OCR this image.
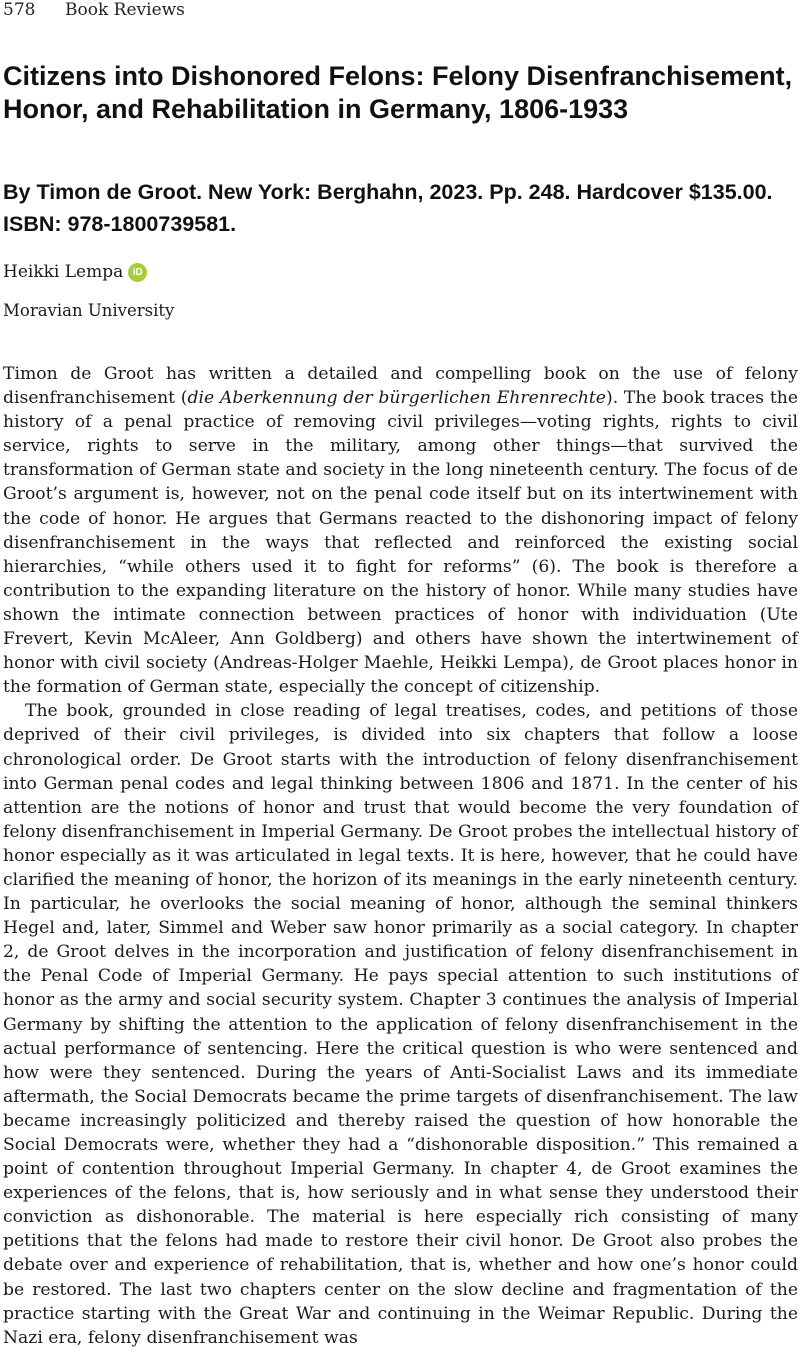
578 Book Reviews
Citizens into Dishonored Felons: Felony Disenfranchisement, Honor, and Rehabilitation in Germany, 1806-1933
By Timon de Groot. New York: Berghahn, 2023. Pp. 248. Hardcover $135.00. ISBN: 978-1800739581.
Heikki Lempa iD
Moravian University

Timon de Groot has written a detailed and compelling book on the use of felony disenfranchisement (die Aberkennung der bürgerlichen Ehrenrechte). The book traces the history of a penal practice of removing civil privileges—voting rights, rights to civil service, rights to serve in the military, among other things—that survived the transformation of German state and society in the long nineteenth century. The focus of de Groot’s argument is, however, not on the penal code itself but on its intertwinement with the code of honor. He argues that Germans reacted to the dishonoring impact of felony disenfranchisement in the ways that reflected and reinforced the existing social hierarchies, “while others used it to fight for reforms” (6). The book is therefore a contribution to the expanding literature on the history of honor. While many studies have shown the intimate connection between practices of honor with individuation (Ute Frevert, Kevin McAleer, Ann Goldberg) and others have shown the intertwinement of honor with civil society (Andreas-Holger Maehle, Heikki Lempa), de Groot places honor in the formation of German state, especially the concept of citizenship.

The book, grounded in close reading of legal treatises, codes, and petitions of those deprived of their civil privileges, is divided into six chapters that follow a loose chronological order. De Groot starts with the introduction of felony disenfranchisement into German penal codes and legal thinking between 1806 and 1871. In the center of his attention are the notions of honor and trust that would become the very foundation of felony disenfranchisement in Imperial Germany. De Groot probes the intellectual history of honor especially as it was articulated in legal texts. It is here, however, that he could have clarified the meaning of honor, the horizon of its meanings in the early nineteenth century. In particular, he overlooks the social meaning of honor, although the seminal thinkers Hegel and, later, Simmel and Weber saw honor primarily as a social category. In chapter 2, de Groot delves in the incorporation and justification of felony disenfranchisement in the Penal Code of Imperial Germany. He pays special attention to such institutions of honor as the army and social security system. Chapter 3 continues the analysis of Imperial Germany by shifting the attention to the application of felony disenfranchisement in the actual performance of sentencing. Here the critical question is who were sentenced and how were they sentenced. During the years of Anti-Socialist Laws and its immediate aftermath, the Social Democrats became the prime targets of disenfranchisement. The law became increasingly politicized and thereby raised the question of how honorable the Social Democrats were, whether they had a “dishonorable disposition.” This remained a point of contention throughout Imperial Germany. In chapter 4, de Groot examines the experiences of the felons, that is, how seriously and in what sense they understood their conviction as dishonorable. The material is here especially rich consisting of many petitions that the felons had made to restore their civil honor. De Groot also probes the debate over and experience of rehabilitation, that is, whether and how one’s honor could be restored. The last two chapters center on the slow decline and fragmentation of the practice starting with the Great War and continuing in the Weimar Republic. During the Nazi era, felony disenfranchisement was
